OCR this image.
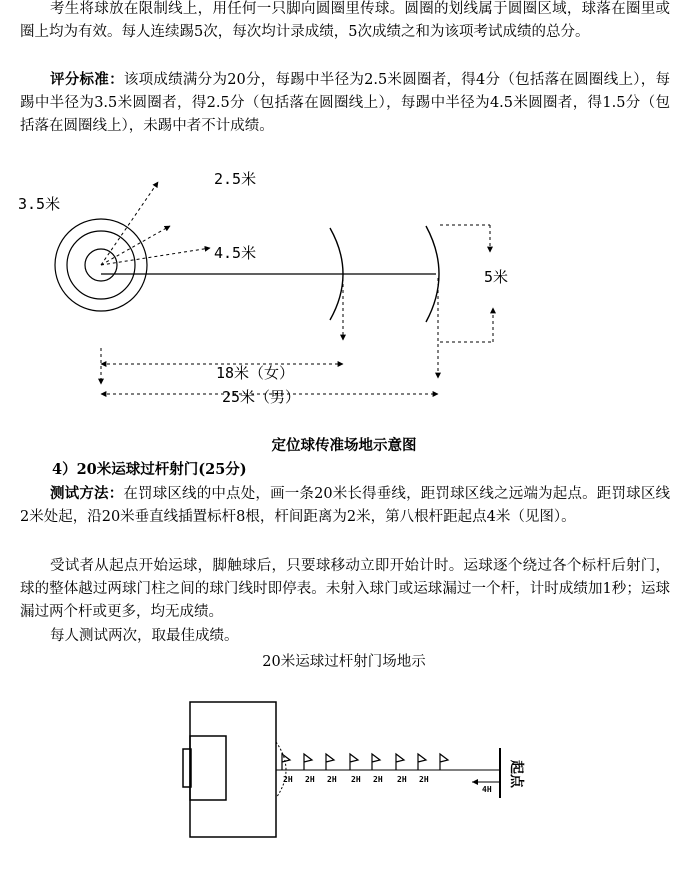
考生将球放在限制线上，用任何一只脚向圆圈里传球。圆圈的划线属于圆圈区域，球落在圈里或圈上均为有效。每人连续踢5次，每次均计录成绩，5次成绩之和为该项考试成绩的总分。

评分标准：该项成绩满分为20分，每踢中半径为2.5米圆圈者，得4分（包括落在圆圈线上），每踢中半径为3.5米圆圈者，得2.5分（包括落在圆圈线上），每踢中半径为4.5米圆圈者，得1.5分（包括落在圆圈线上），未踢中者不计成绩。

2.5米
3.5米
4.5米
5米
18米（女）
25米（男）
定位球传准场地示意图
4）20米运球过杆射门(25分)

测试方法：在罚球区线的中点处，画一条20米长得垂线，距罚球区线之远端为起点。距罚球区线2米处起，沿20米垂直线插置标杆8根，杆间距离为2米，第八根杆距起点4米（见图）。

受试者从起点开始运球，脚触球后，只要球移动立即开始计时。运球逐个绕过各个标杆后射门，球的整体越过两球门柱之间的球门线时即停表。未射入球门或运球漏过一个杆，计时成绩加1秒；运球漏过两个杆或更多，均无成绩。

每人测试两次，取最佳成绩。

20米运球过杆射门场地示
2H 2H 2H 2H 2H 2H 2H
4H
起点
